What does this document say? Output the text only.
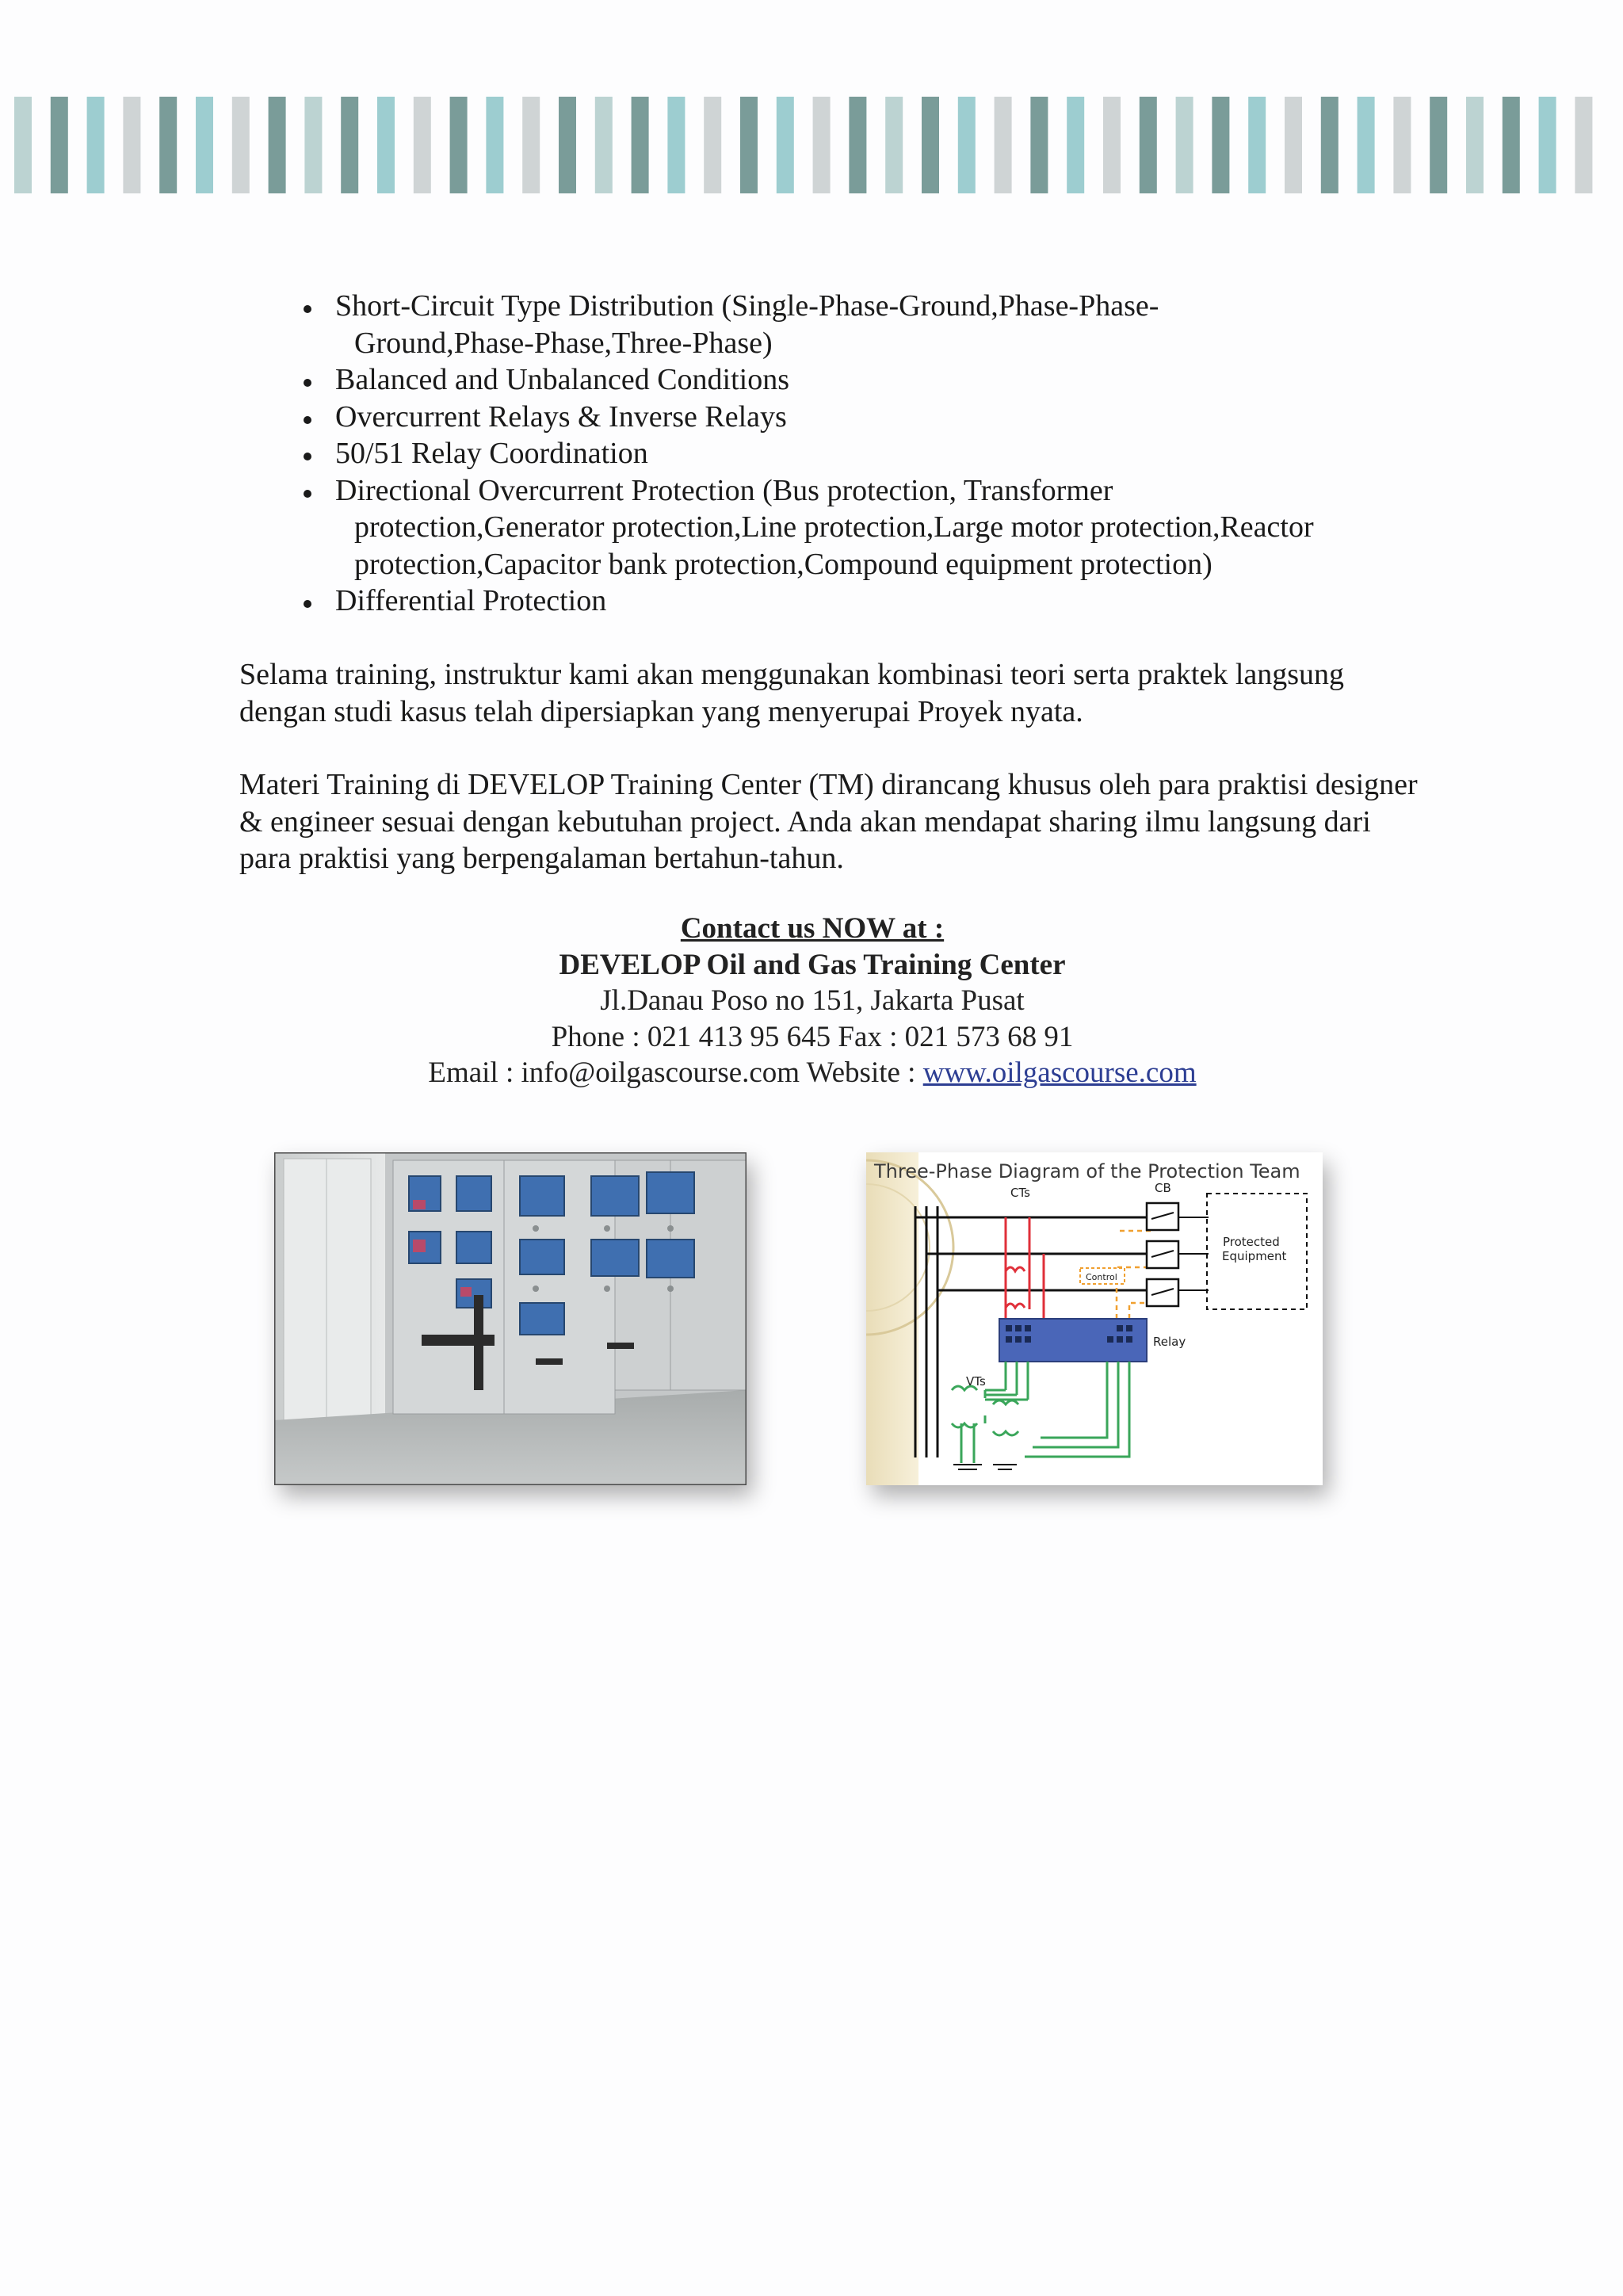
Short-Circuit Type Distribution (Single-Phase-Ground,Phase-Phase-
Ground,Phase-Phase,Three-Phase)
Balanced and Unbalanced Conditions
Overcurrent Relays & Inverse Relays
50/51 Relay Coordination
Directional Overcurrent Protection (Bus protection, Transformer
protection,Generator protection,Line protection,Large motor protection,Reactor
protection,Capacitor bank protection,Compound equipment protection)
Differential Protection

Selama training, instruktur kami akan menggunakan kombinasi teori serta praktek langsung dengan studi kasus telah dipersiapkan yang menyerupai Proyek nyata.

Materi Training di DEVELOP Training Center (TM) dirancang khusus oleh para praktisi designer & engineer sesuai dengan kebutuhan project. Anda akan mendapat sharing ilmu langsung dari para praktisi yang berpengalaman bertahun-tahun.

Contact us NOW at :
DEVELOP Oil and Gas Training Center
Jl.Danau Poso no 151, Jakarta Pusat
Phone : 021 413 95 645 Fax : 021 573 68 91
Email : info@oilgascourse.com Website : www.oilgascourse.com
CTs	CB
Control
Protected
Equipment
Relay
VTs
Three-Phase Diagram of the Protection Team
